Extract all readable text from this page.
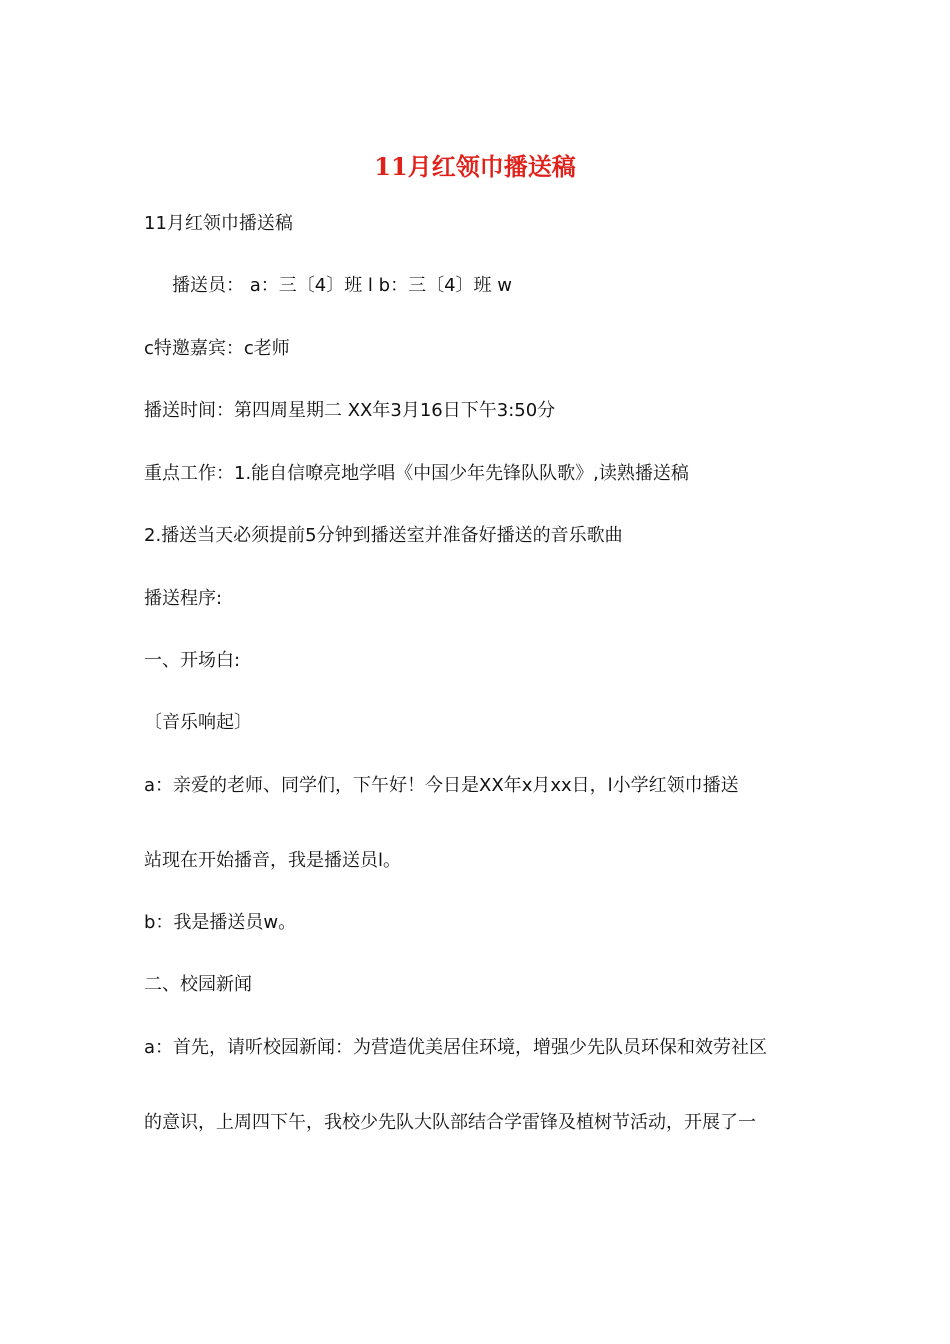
11月红领巾播送稿

11月红领巾播送稿

播送员： a：三〔4〕班 l b：三〔4〕班 w

c特邀嘉宾：c老师

播送时间：第四周星期二 XX年3月16日下午3:50分

重点工作：1.能自信嘹亮地学唱《中国少年先锋队队歌》,读熟播送稿

2.播送当天必须提前5分钟到播送室并准备好播送的音乐歌曲

播送程序:

一、开场白:

〔音乐响起〕

a：亲爱的老师、同学们，下午好！今日是XX年x月xx日，l小学红领巾播送

站现在开始播音，我是播送员l。

b：我是播送员w。

二、校园新闻

a：首先，请听校园新闻：为营造优美居住环境，增强少先队员环保和效劳社区

的意识，上周四下午，我校少先队大队部结合学雷锋及植树节活动，开展了一
